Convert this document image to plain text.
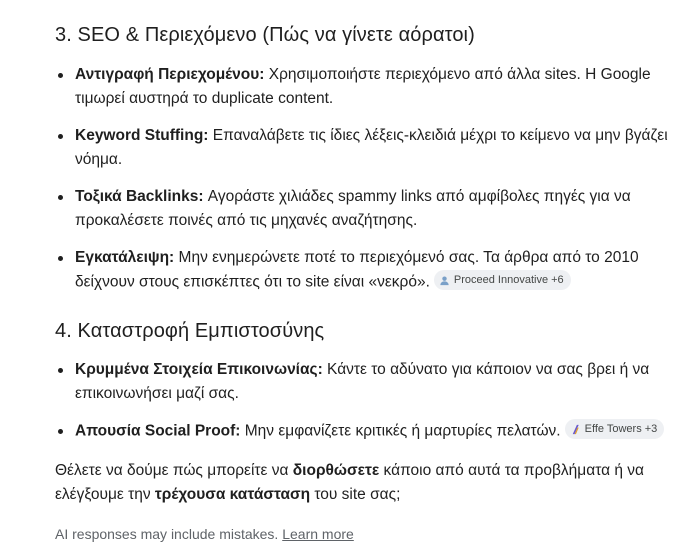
3. SEO & Περιεχόμενο (Πώς να γίνετε αόρατοι)
Αντιγραφή Περιεχομένου: Χρησιμοποιήστε περιεχόμενο από άλλα sites. Η Google τιμωρεί αυστηρά το duplicate content.
Keyword Stuffing: Επαναλάβετε τις ίδιες λέξεις-κλειδιά μέχρι το κείμενο να μην βγάζει νόημα.
Τοξικά Backlinks: Αγοράστε χιλιάδες spammy links από αμφίβολες πηγές για να προκαλέσετε ποινές από τις μηχανές αναζήτησης.
Εγκατάλειψη: Μην ενημερώνετε ποτέ το περιεχόμενό σας. Τα άρθρα από το 2010 δείχνουν στους επισκέπτες ότι το site είναι «νεκρό». Proceed Innovative +6
4. Καταστροφή Εμπιστοσύνης
Κρυμμένα Στοιχεία Επικοινωνίας: Κάντε το αδύνατο για κάποιον να σας βρει ή να επικοινωνήσει μαζί σας.
Απουσία Social Proof: Μην εμφανίζετε κριτικές ή μαρτυρίες πελατών. Effe Towers +3

Θέλετε να δούμε πώς μπορείτε να διορθώσετε κάποιο από αυτά τα προβλήματα ή να ελέγξουμε την τρέχουσα κατάσταση του site σας;

AI responses may include mistakes. Learn more
